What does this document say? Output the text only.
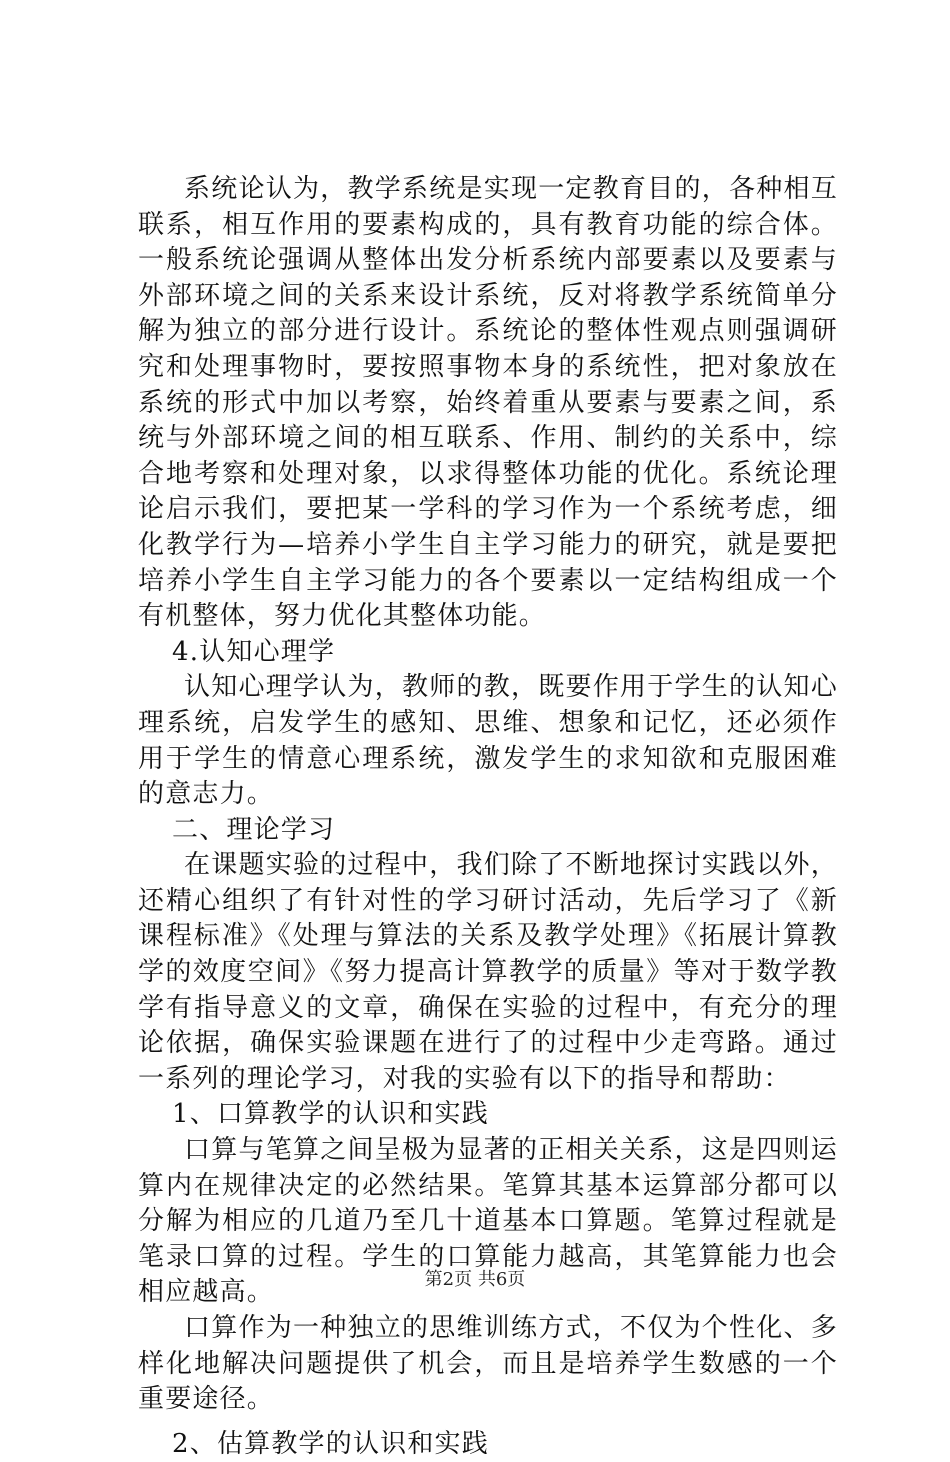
系统论认为，教学系统是实现一定教育目的，各种相互联系，相互作用的要素构成的，具有教育功能的综合体。一般系统论强调从整体出发分析系统内部要素以及要素与外部环境之间的关系来设计系统，反对将教学系统简单分解为独立的部分进行设计。系统论的整体性观点则强调研究和处理事物时，要按照事物本身的系统性，把对象放在系统的形式中加以考察，始终着重从要素与要素之间，系统与外部环境之间的相互联系、作用、制约的关系中，综合地考察和处理对象，以求得整体功能的优化。系统论理论启示我们，要把某一学科的学习作为一个系统考虑，细化教学行为—培养小学生自主学习能力的研究，就是要把培养小学生自主学习能力的各个要素以一定结构组成一个有机整体，努力优化其整体功能。

4.认知心理学

认知心理学认为，教师的教，既要作用于学生的认知心理系统，启发学生的感知、思维、想象和记忆，还必须作用于学生的情意心理系统，激发学生的求知欲和克服困难的意志力。

二、理论学习

在课题实验的过程中，我们除了不断地探讨实践以外，还精心组织了有针对性的学习研讨活动，先后学习了《新课程标准》《处理与算法的关系及教学处理》《拓展计算教学的效度空间》《努力提高计算教学的质量》等对于数学教学有指导意义的文章，确保在实验的过程中，有充分的理论依据，确保实验课题在进行了的过程中少走弯路。通过一系列的理论学习，对我的实验有以下的指导和帮助：

1、口算教学的认识和实践

口算与笔算之间呈极为显著的正相关关系，这是四则运算内在规律决定的必然结果。笔算其基本运算部分都可以分解为相应的几道乃至几十道基本口算题。笔算过程就是笔录口算的过程。学生的口算能力越高，其笔算能力也会相应越高。

口算作为一种独立的思维训练方式，不仅为个性化、多样化地解决问题提供了机会，而且是培养学生数感的一个重要途径。

2、估算教学的认识和实践

第2页 共6页
